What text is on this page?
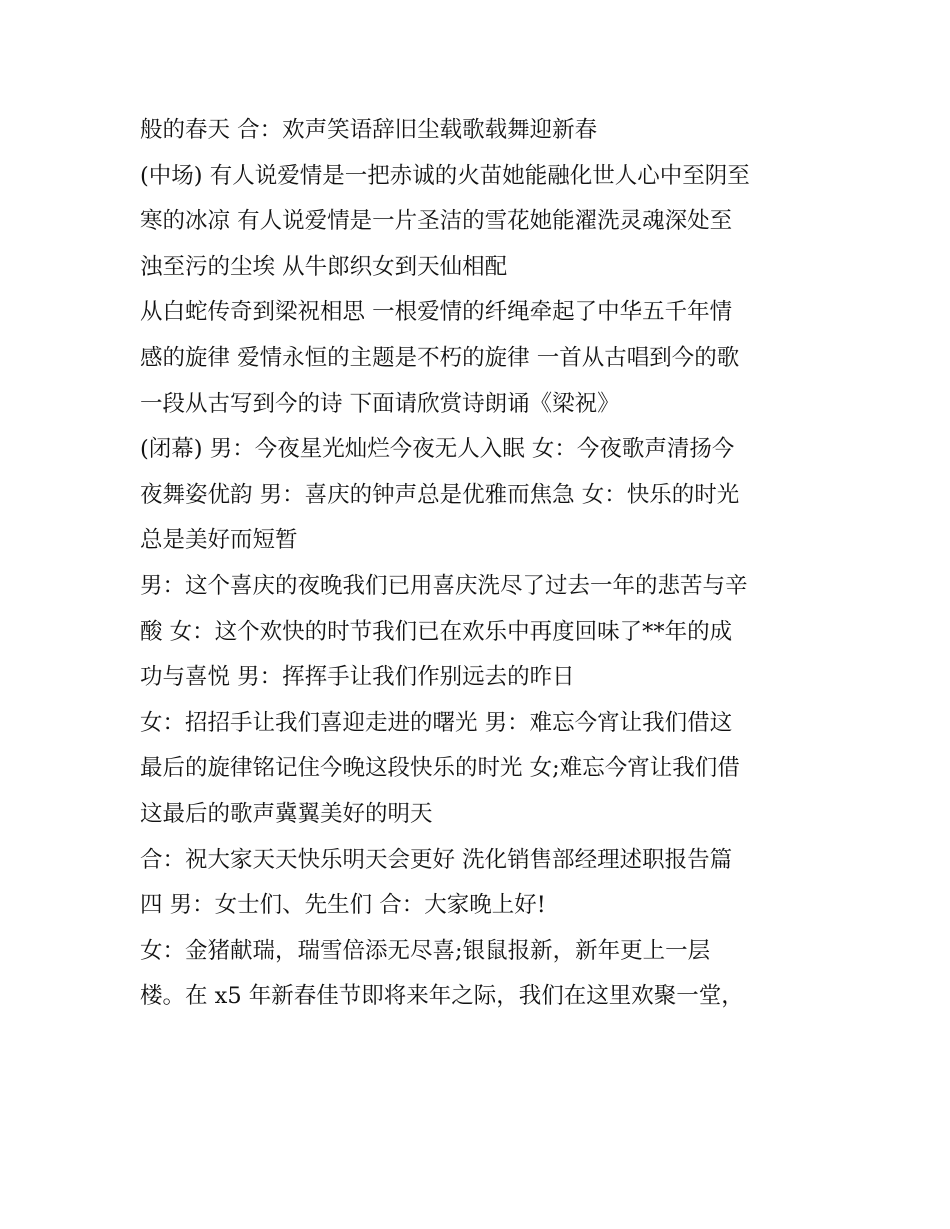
般的春天 合：欢声笑语辞旧尘载歌载舞迎新春
(中场) 有人说爱情是一把赤诚的火苗她能融化世人心中至阴至
寒的冰凉 有人说爱情是一片圣洁的雪花她能濯洗灵魂深处至
浊至污的尘埃 从牛郎织女到天仙相配
从白蛇传奇到梁祝相思 一根爱情的纤绳牵起了中华五千年情
感的旋律 爱情永恒的主题是不朽的旋律 一首从古唱到今的歌
一段从古写到今的诗 下面请欣赏诗朗诵《梁祝》
(闭幕) 男：今夜星光灿烂今夜无人入眠 女：今夜歌声清扬今
夜舞姿优韵 男：喜庆的钟声总是优雅而焦急 女：快乐的时光
总是美好而短暂
男：这个喜庆的夜晚我们已用喜庆洗尽了过去一年的悲苦与辛
酸 女：这个欢快的时节我们已在欢乐中再度回味了**年的成
功与喜悦 男：挥挥手让我们作别远去的昨日
女：招招手让我们喜迎走进的曙光 男：难忘今宵让我们借这
最后的旋律铭记住今晚这段快乐的时光 女;难忘今宵让我们借
这最后的歌声冀翼美好的明天
合：祝大家天天快乐明天会更好 洗化销售部经理述职报告篇
四 男：女士们、先生们 合：大家晚上好!
女：金猪献瑞，瑞雪倍添无尽喜;银鼠报新，新年更上一层
楼。在 x5 年新春佳节即将来年之际，我们在这里欢聚一堂，
